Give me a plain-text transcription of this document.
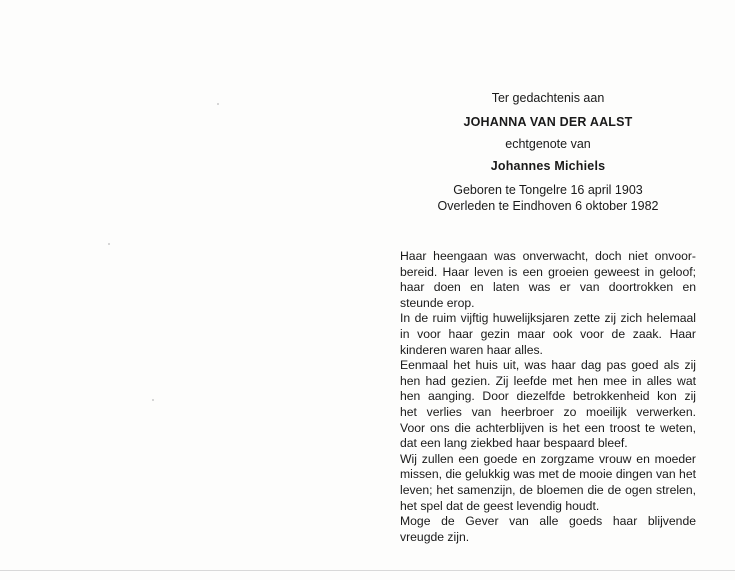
Ter gedachtenis aan
JOHANNA VAN DER AALST
echtgenote van
Johannes Michiels
Geboren te Tongelre 16 april 1903
Overleden te Eindhoven 6 oktober 1982
Haar heengaan was onverwacht, doch niet onvoor-
bereid. Haar leven is een groeien geweest in geloof;
haar doen en laten was er van doortrokken en
steunde erop.
In de ruim vijftig huwelijksjaren zette zij zich helemaal
in voor haar gezin maar ook voor de zaak. Haar
kinderen waren haar alles.
Eenmaal het huis uit, was haar dag pas goed als zij
hen had gezien. Zij leefde met hen mee in alles wat
hen aanging. Door diezelfde betrokkenheid kon zij
het verlies van heerbroer zo moeilijk verwerken.
Voor ons die achterblijven is het een troost te weten,
dat een lang ziekbed haar bespaard bleef.
Wij zullen een goede en zorgzame vrouw en moeder
missen, die gelukkig was met de mooie dingen van het
leven; het samenzijn, de bloemen die de ogen strelen,
het spel dat de geest levendig houdt.
Moge de Gever van alle goeds haar blijvende
vreugde zijn.
